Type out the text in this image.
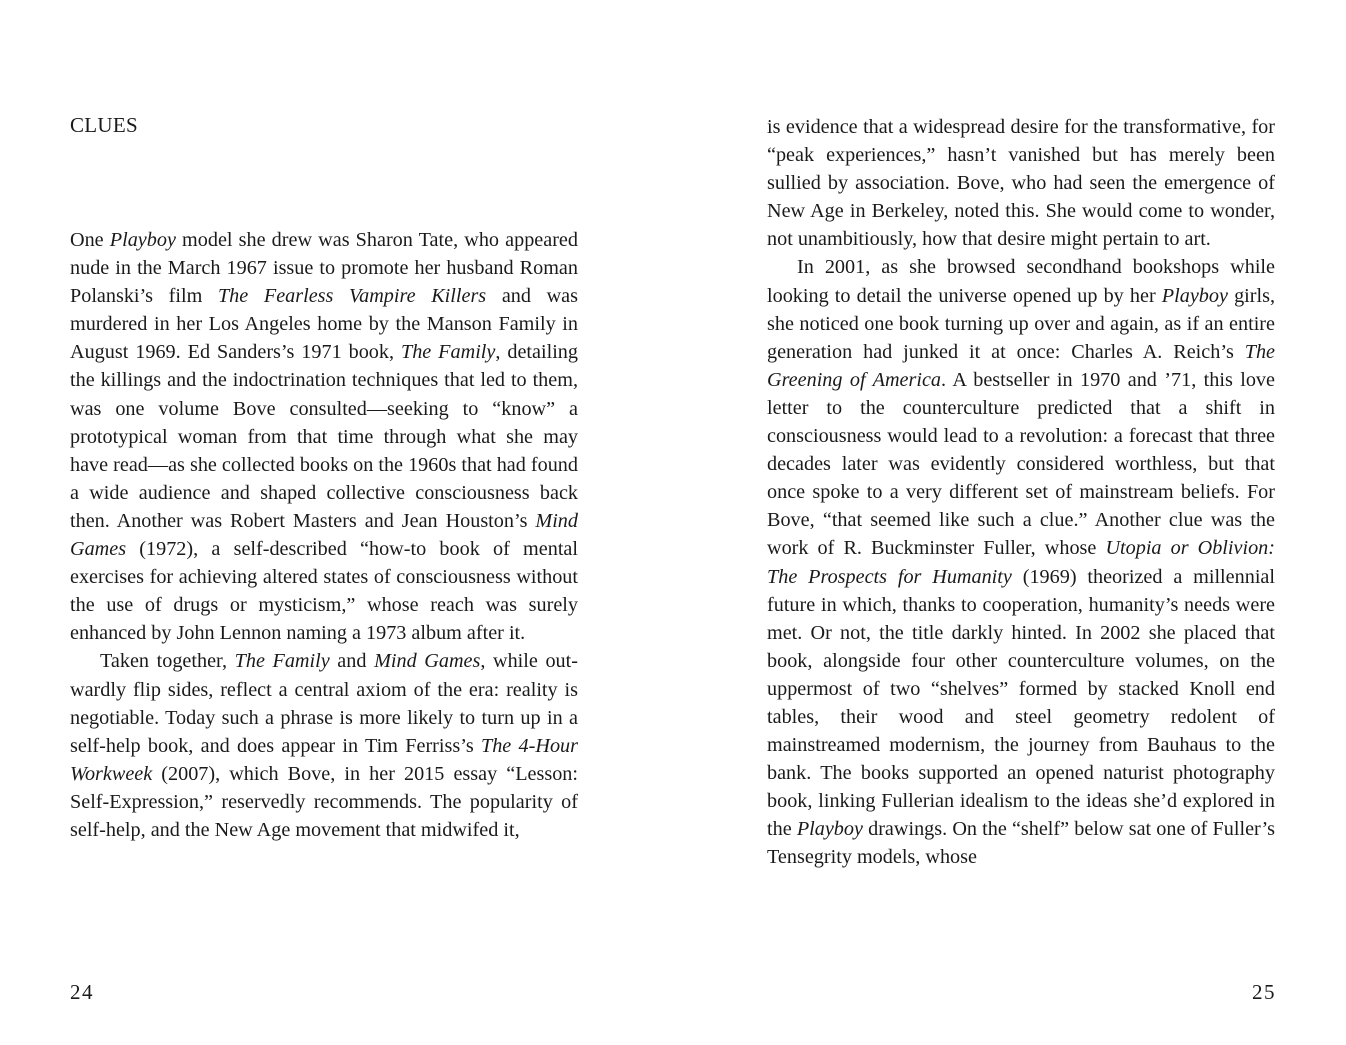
CLUES

One Playboy model she drew was Sharon Tate, who appeared nude in the March 1967 issue to promote her husband Roman Polanski’s film The Fearless Vampire Killers and was murdered in her Los Angeles home by the Manson Family in August 1969. Ed Sanders’s 1971 book, The Family, detailing the killings and the indoctrination techniques that led to them, was one volume Bove consulted—seeking to “know” a prototypical woman from that time through what she may have read—as she collected books on the 1960s that had found a wide audience and shaped collective consciousness back then. Another was Robert Masters and Jean Houston’s Mind Games (1972), a self-described “how-to book of mental exercises for achieving altered states of consciousness without the use of drugs or mysticism,” whose reach was surely enhanced by John Lennon naming a 1973 album after it.

Taken together, The Family and Mind Games, while outwardly flip sides, reflect a central axiom of the era: reality is negotiable. Today such a phrase is more likely to turn up in a self-help book, and does appear in Tim Ferriss’s The 4-Hour Workweek (2007), which Bove, in her 2015 essay “Lesson: Self-Expression,” reservedly recommends. The popularity of self-help, and the New Age movement that midwifed it,

24

is evidence that a widespread desire for the transformative, for “peak experiences,” hasn’t vanished but has merely been sullied by association. Bove, who had seen the emergence of New Age in Berkeley, noted this. She would come to wonder, not unambitiously, how that desire might pertain to art.

In 2001, as she browsed secondhand bookshops while looking to detail the universe opened up by her Playboy girls, she noticed one book turning up over and again, as if an entire generation had junked it at once: Charles A. Reich’s The Greening of America. A bestseller in 1970 and ’71, this love letter to the counterculture predicted that a shift in consciousness would lead to a revolution: a forecast that three decades later was evidently considered worthless, but that once spoke to a very different set of mainstream beliefs. For Bove, “that seemed like such a clue.” Another clue was the work of R. Buckminster Fuller, whose Utopia or Oblivion: The Prospects for Humanity (1969) theorized a millennial future in which, thanks to cooperation, humanity’s needs were met. Or not, the title darkly hinted. In 2002 she placed that book, alongside four other counterculture volumes, on the uppermost of two “shelves” formed by stacked Knoll end tables, their wood and steel geometry redolent of mainstreamed modernism, the journey from Bauhaus to the bank. The books supported an opened naturist photography book, linking Fullerian idealism to the ideas she’d explored in the Playboy drawings. On the “shelf” below sat one of Fuller’s Tensegrity models, whose

25
